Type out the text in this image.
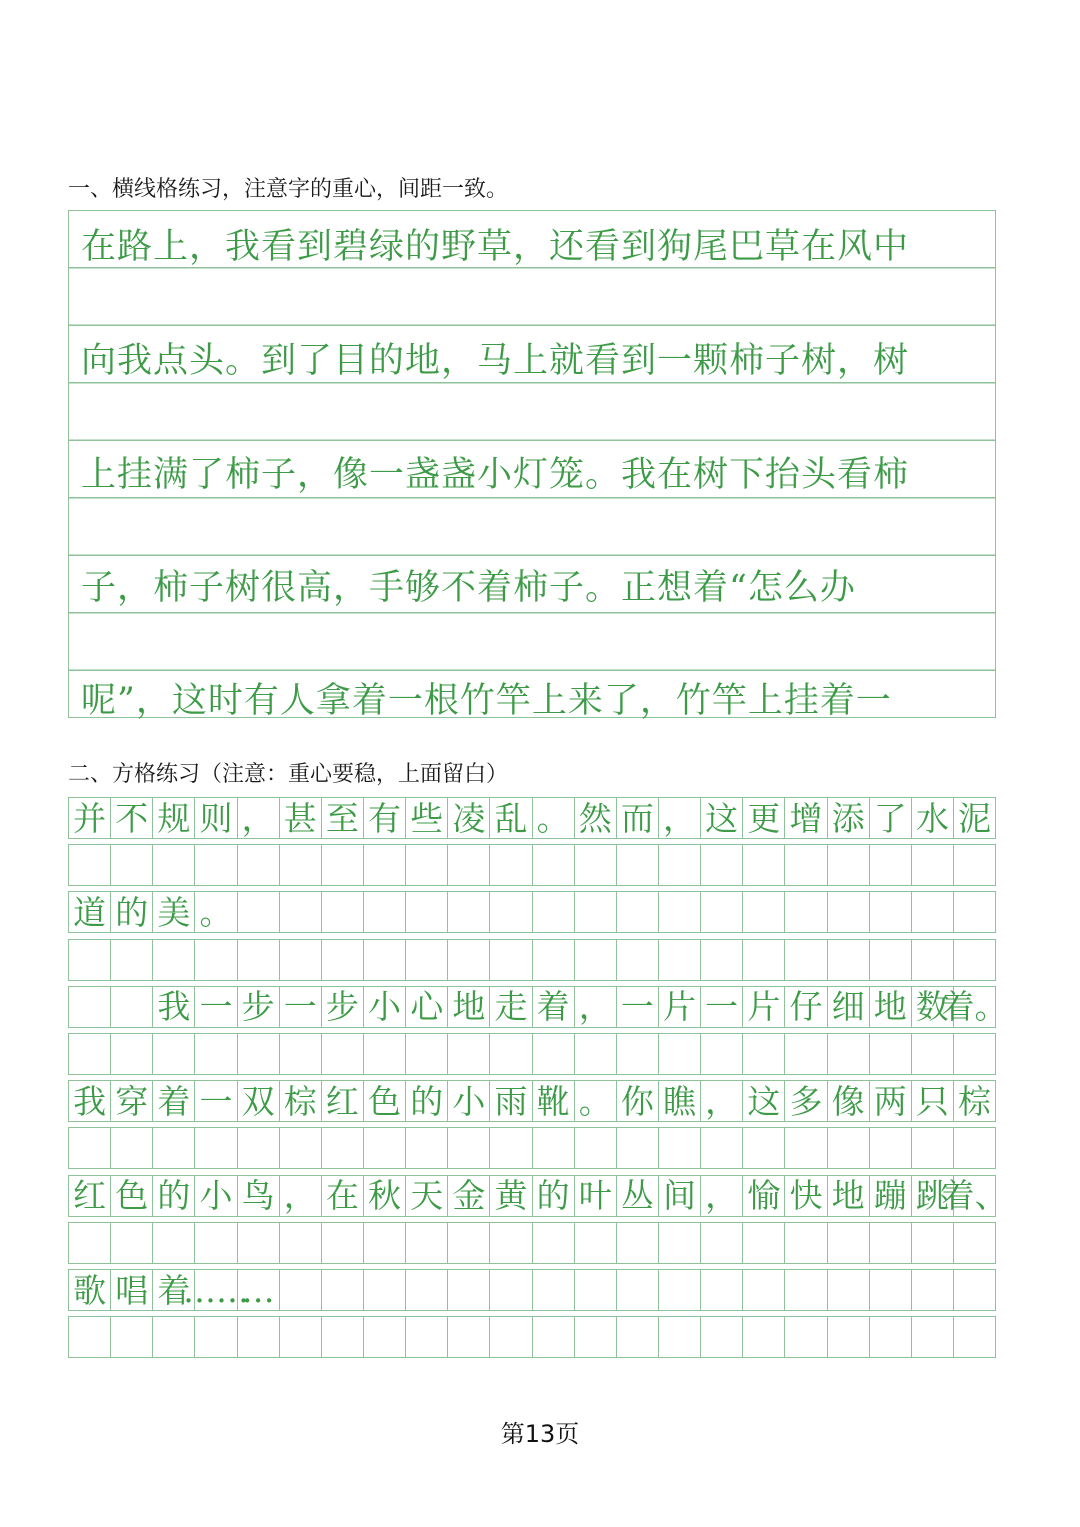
一、横线格练习，注意字的重心，间距一致。
在路上，我看到碧绿的野草，还看到狗尾巴草在风中
向我点头。到了目的地，马上就看到一颗柿子树，树
上挂满了柿子，像一盏盏小灯笼。我在树下抬头看柿
子，柿子树很高，手够不着柿子。正想着“怎么办
呢”，这时有人拿着一根竹竿上来了，竹竿上挂着一
二、方格练习（注意：重心要稳，上面留白）
并 不 规 则 ， 甚 至 有 些 凌 乱 。 然 而 ， 这 更 增 添 了 水 泥
道 的 美 。
我 一 步 一 步 小 心 地 走 着 ， 一 片 一 片 仔 细 地 数
着。
我 穿 着 一 双 棕 红 色 的 小 雨 靴 。 你 瞧 ， 这 多 像 两 只 棕
红 色 的 小 鸟 ， 在 秋 天 金 黄 的 叶 丛 间 ， 愉 快 地 蹦 跳
着、
歌 唱 着
……
…
第13页
